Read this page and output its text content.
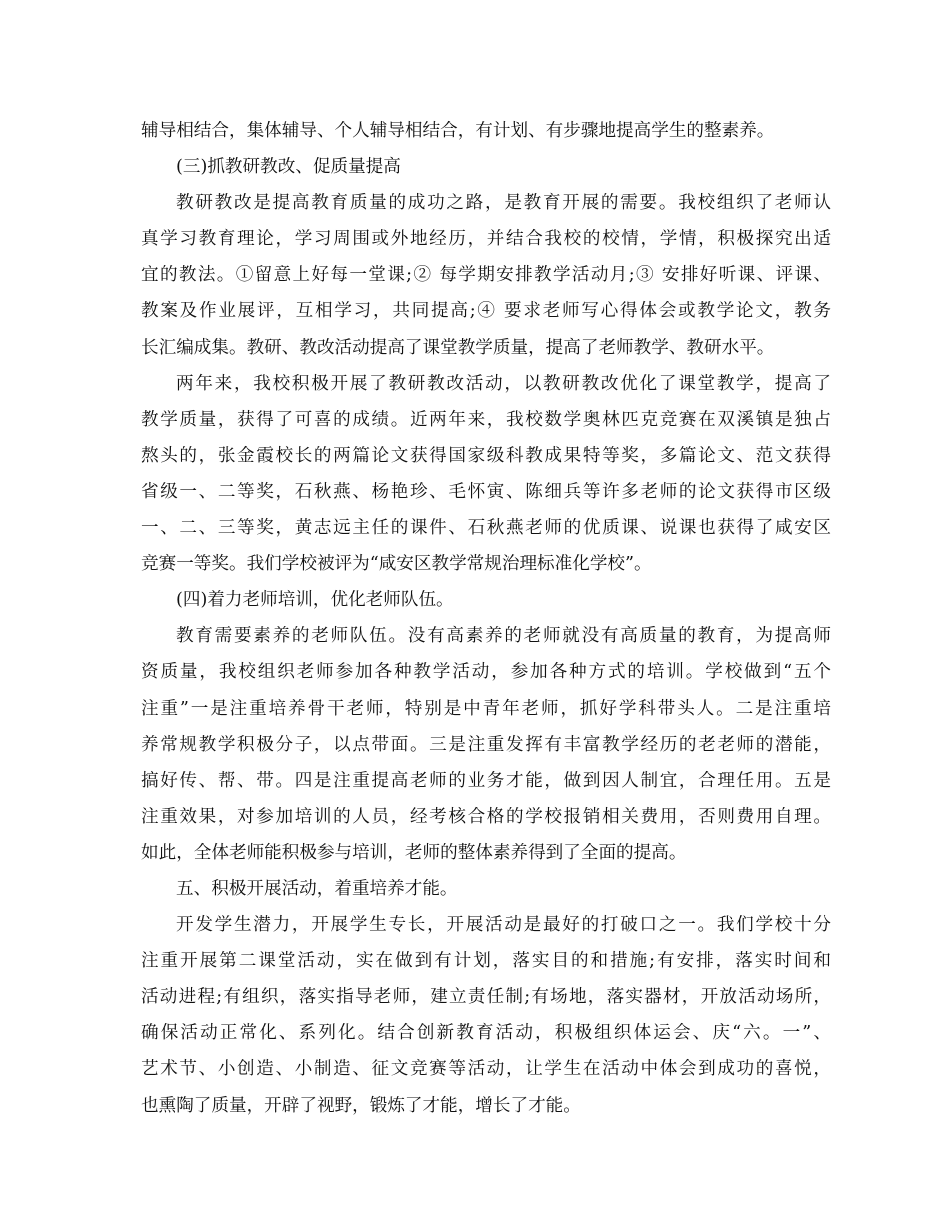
辅导相结合，集体辅导、个人辅导相结合，有计划、有步骤地提高学生的整素养。
(三)抓教研教改、促质量提高
教研教改是提高教育质量的成功之路，是教育开展的需要。我校组织了老师认
真学习教育理论，学习周围或外地经历，并结合我校的校情，学情，积极探究出适
宜的教法。①留意上好每一堂课;② 每学期安排教学活动月;③ 安排好听课、评课、
教案及作业展评，互相学习，共同提高;④ 要求老师写心得体会或教学论文，教务
长汇编成集。教研、教改活动提高了课堂教学质量，提高了老师教学、教研水平。
两年来，我校积极开展了教研教改活动，以教研教改优化了课堂教学，提高了
教学质量，获得了可喜的成绩。近两年来，我校数学奥林匹克竞赛在双溪镇是独占
熬头的，张金霞校长的两篇论文获得国家级科教成果特等奖，多篇论文、范文获得
省级一、二等奖，石秋燕、杨艳珍、毛怀寅、陈细兵等许多老师的论文获得市区级
一、二、三等奖，黄志远主任的课件、石秋燕老师的优质课、说课也获得了咸安区
竞赛一等奖。我们学校被评为“咸安区教学常规治理标准化学校”。
(四)着力老师培训，优化老师队伍。
教育需要素养的老师队伍。没有高素养的老师就没有高质量的教育，为提高师
资质量，我校组织老师参加各种教学活动，参加各种方式的培训。学校做到“五个
注重”一是注重培养骨干老师，特别是中青年老师，抓好学科带头人。二是注重培
养常规教学积极分子，以点带面。三是注重发挥有丰富教学经历的老老师的潜能，
搞好传、帮、带。四是注重提高老师的业务才能，做到因人制宜，合理任用。五是
注重效果，对参加培训的人员，经考核合格的学校报销相关费用，否则费用自理。
如此，全体老师能积极参与培训，老师的整体素养得到了全面的提高。
五、积极开展活动，着重培养才能。
开发学生潜力，开展学生专长，开展活动是最好的打破口之一。我们学校十分
注重开展第二课堂活动，实在做到有计划，落实目的和措施;有安排，落实时间和
活动进程;有组织，落实指导老师，建立责任制;有场地，落实器材，开放活动场所，
确保活动正常化、系列化。结合创新教育活动，积极组织体运会、庆“六。一”、
艺术节、小创造、小制造、征文竞赛等活动，让学生在活动中体会到成功的喜悦，
也熏陶了质量，开辟了视野，锻炼了才能，增长了才能。
